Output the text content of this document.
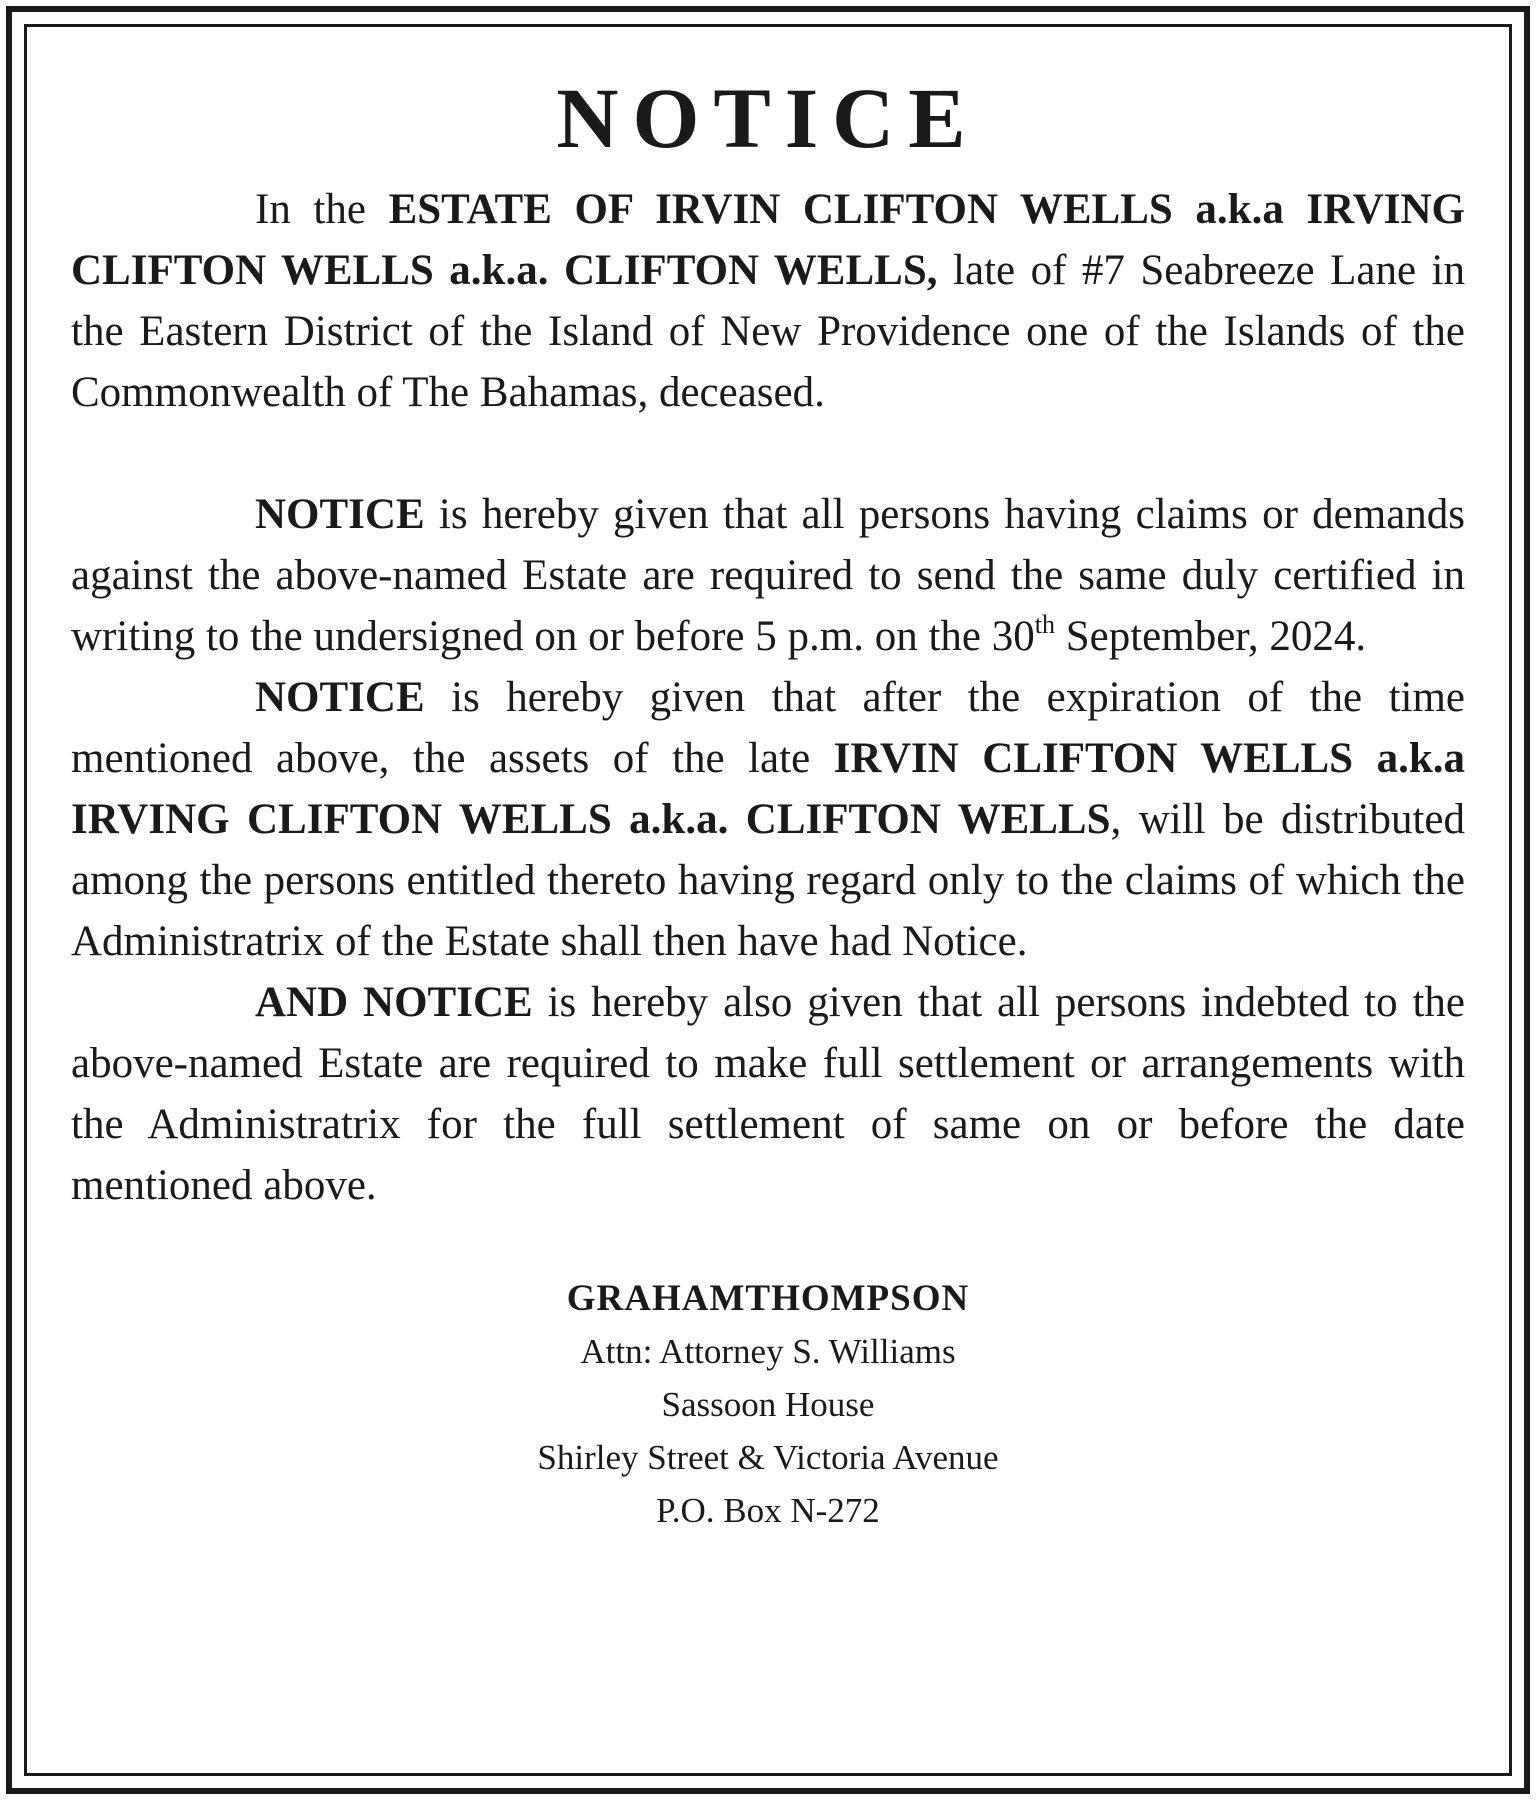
NOTICE

In the ESTATE OF IRVIN CLIFTON WELLS a.k.a IRVING CLIFTON WELLS a.k.a. CLIFTON WELLS, late of #7 Seabreeze Lane in the Eastern District of the Island of New Providence one of the Islands of the Commonwealth of The Bahamas, deceased.

NOTICE is hereby given that all persons having claims or demands against the above-named Estate are required to send the same duly certified in writing to the undersigned on or before 5 p.m. on the 30th September, 2024.

NOTICE is hereby given that after the expiration of the time mentioned above, the assets of the late IRVIN CLIFTON WELLS a.k.a IRVING CLIFTON WELLS a.k.a. CLIFTON WELLS, will be distributed among the persons entitled thereto having regard only to the claims of which the Administratrix of the Estate shall then have had Notice.

AND NOTICE is hereby also given that all persons indebted to the above-named Estate are required to make full settlement or arrangements with the Administratrix for the full settlement of same on or before the date mentioned above.

GRAHAMTHOMPSON
Attn: Attorney S. Williams
Sassoon House
Shirley Street & Victoria Avenue
P.O. Box N-272
